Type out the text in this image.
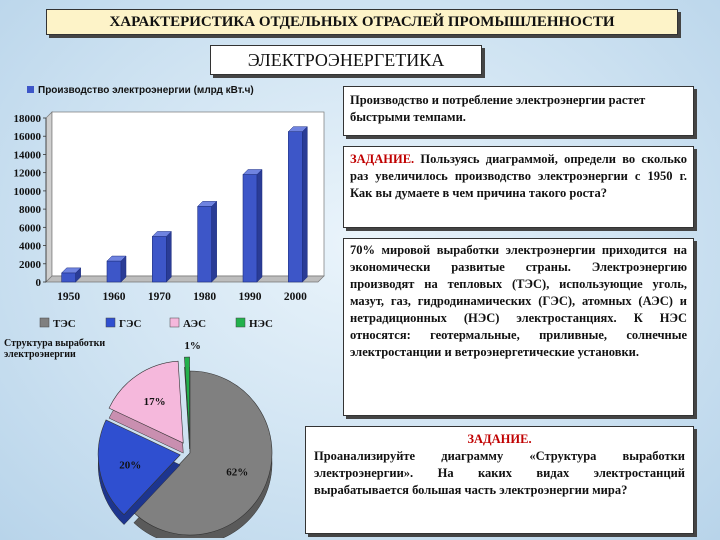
ХАРАКТЕРИСТИКА ОТДЕЛЬНЫХ ОТРАСЛЕЙ ПРОМЫШЛЕННОСТИ
ЭЛЕКТРОЭНЕРГЕТИКА
Производство электроэнергии (млрд кВт.ч)
18000
16000
14000
12000
10000
8000
6000
4000
2000
0
1950 1960 1970 1980 1990 2000
ТЭС	ГЭС	АЭС	НЭС
62%
20%
17%
1%
Структура выработки электроэнергии
Производство и потребление электроэнергии растет быстрыми темпами.
ЗАДАНИЕ. Пользуясь диаграммой, определи во сколько раз увеличилось производство электроэнергии с 1950 г. Как вы думаете в чем причина такого роста?
70% мировой выработки электроэнергии приходится на экономически развитые страны. Электроэнергию производят на тепловых (ТЭС), использующие уголь, мазут, газ, гидродинамических (ГЭС), атомных (АЭС) и нетрадиционных (НЭС) электростанциях. К НЭС относятся: геотермальные, приливные, солнечные электростанции и ветроэнергетические установки.
ЗАДАНИЕ.
Проанализируйте диаграмму «Структура выработки электроэнергии». На каких видах электростанций вырабатывается большая часть электроэнергии мира?
